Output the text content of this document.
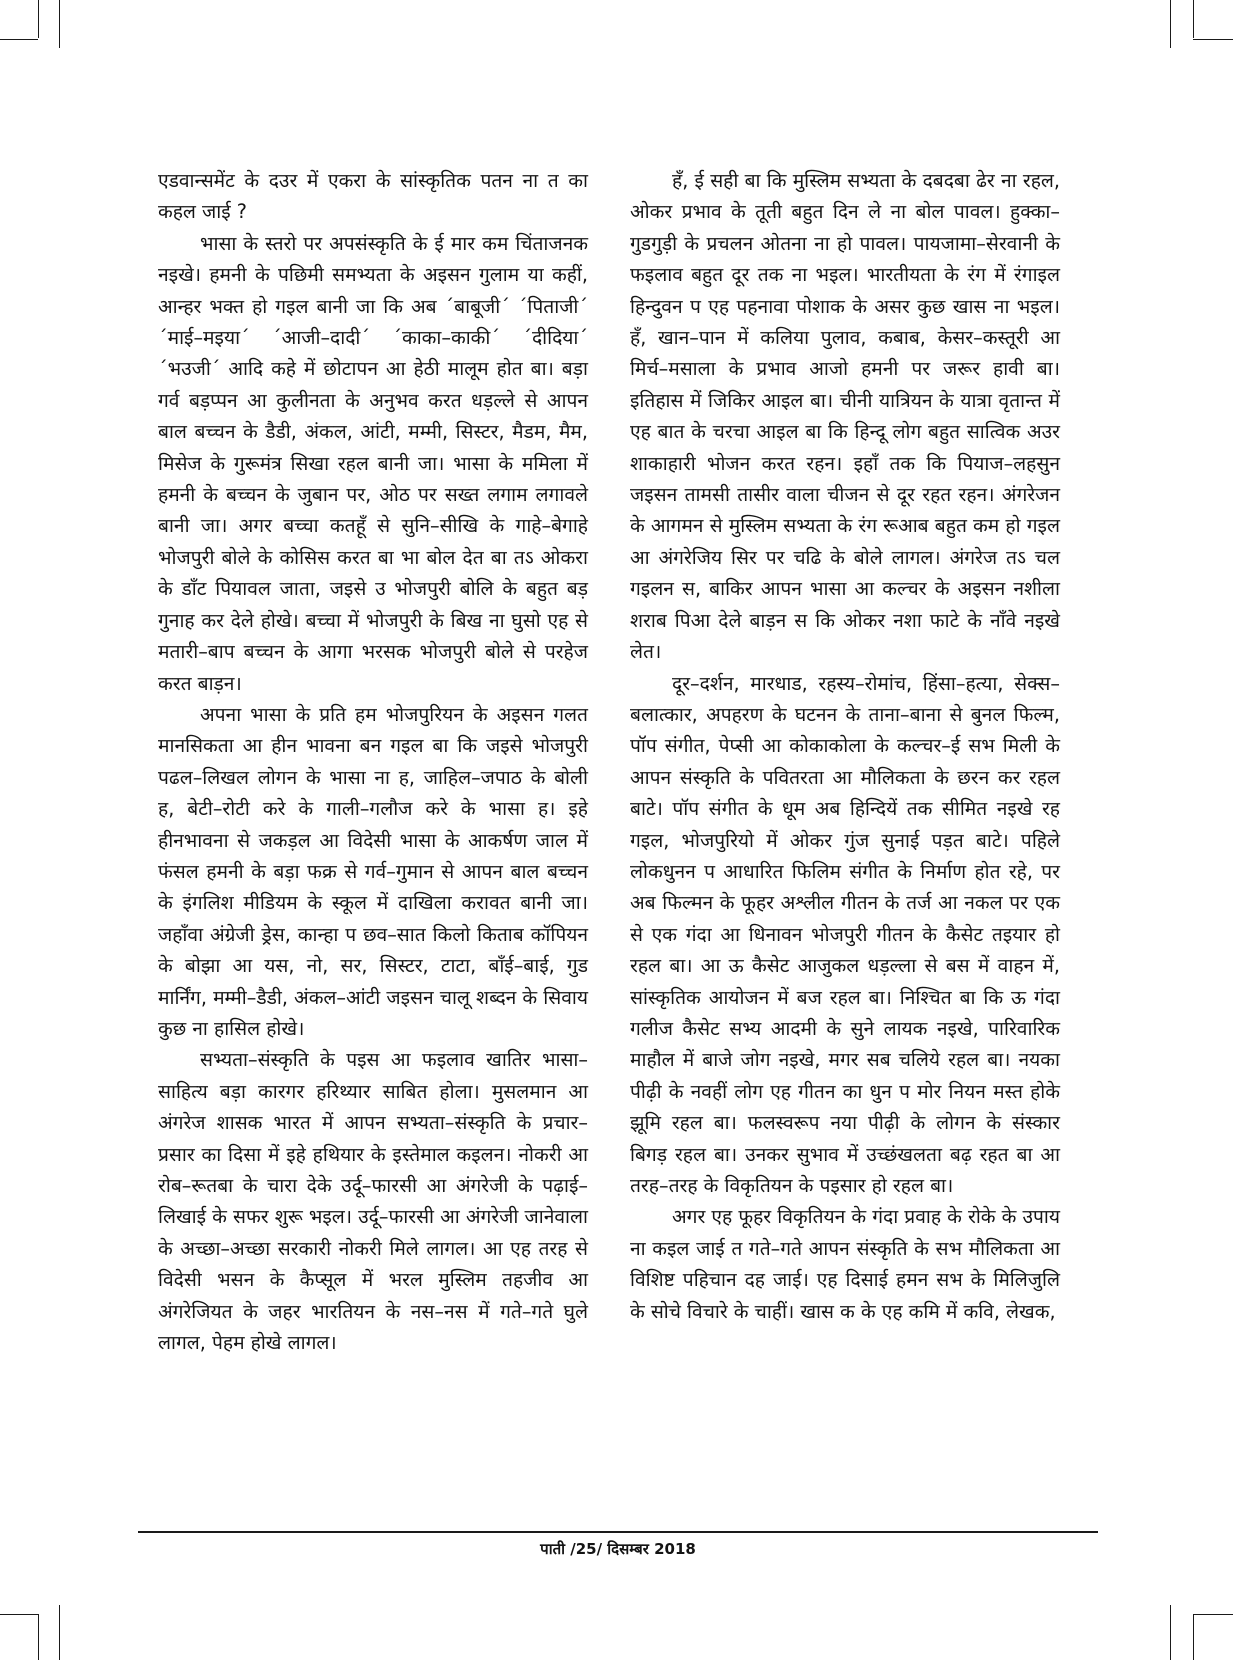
एडवान्समेंट के दउर में एकरा के सांस्कृतिक पतन ना त का कहल जाई ?

भासा के स्तरो पर अपसंस्कृति के ई मार कम चिंताजनक नइखे। हमनी के पछिमी समभ्यता के अइसन गुलाम या कहीं, आन्हर भक्त हो गइल बानी जा कि अब ´बाबूजी´ ´पिताजी´ ´माई–मइया´ ´आजी–दादी´ ´काका–काकी´ ´दीदिया´ ´भउजी´ आदि कहे में छोटापन आ हेठी मालूम होत बा। बड़ा गर्व बड़प्पन आ कुलीनता के अनुभव करत धड़ल्ले से आपन बाल बच्चन के डैडी, अंकल, आंटी, मम्मी, सिस्टर, मैडम, मैम, मिसेज के गुरूमंत्र सिखा रहल बानी जा। भासा के ममिला में हमनी के बच्चन के जुबान पर, ओठ पर सख्त लगाम लगावले बानी जा। अगर बच्चा कतहूँ से सुनि–सीखि के गाहे–बेगाहे भोजपुरी बोले के कोसिस करत बा भा बोल देत बा तऽ ओकरा के डाँट पियावल जाता, जइसे उ भोजपुरी बोलि के बहुत बड़ गुनाह कर देले होखे। बच्चा में भोजपुरी के बिख ना घुसो एह से मतारी–बाप बच्चन के आगा भरसक भोजपुरी बोले से परहेज करत बाड़न।

अपना भासा के प्रति हम भोजपुरियन के अइसन गलत मानसिकता आ हीन भावना बन गइल बा कि जइसे भोजपुरी पढल–लिखल लोगन के भासा ना ह, जाहिल–जपाठ के बोली ह, बेटी–रोटी करे के गाली–गलौज करे के भासा ह। इहे हीनभावना से जकड़ल आ विदेसी भासा के आकर्षण जाल में फंसल हमनी के बड़ा फक्र से गर्व–गुमान से आपन बाल बच्चन के इंगलिश मीडियम के स्कूल में दाखिला करावत बानी जा। जहाँवा अंग्रेजी ड्रेस, कान्हा प छव–सात किलो किताब कॉपियन के बोझा आ यस, नो, सर, सिस्टर, टाटा, बाँई–बाई, गुड मार्निंग, मम्मी–डैडी, अंकल–आंटी जइसन चालू शब्दन के सिवाय कुछ ना हासिल होखे।

सभ्यता–संस्कृति के पइस आ फइलाव खातिर भासा–साहित्य बड़ा कारगर हरिथ्यार साबित होला। मुसलमान आ अंगरेज शासक भारत में आपन सभ्यता–संस्कृति के प्रचार–प्रसार का दिसा में इहे हथियार के इस्तेमाल कइलन। नोकरी आ रोब–रूतबा के चारा देके उर्दू–फारसी आ अंगरेजी के पढ़ाई–लिखाई के सफर शुरू भइल। उर्दू–फारसी आ अंगरेजी जानेवाला के अच्छा–अच्छा सरकारी नोकरी मिले लागल। आ एह तरह से विदेसी भसन के कैप्सूल में भरल मुस्लिम तहजीव आ अंगरेजियत के जहर भारतियन के नस–नस में गते–गते घुले लागल, पेहम होखे लागल।

हँ, ई सही बा कि मुस्लिम सभ्यता के दबदबा ढेर ना रहल, ओकर प्रभाव के तूती बहुत दिन ले ना बोल पावल। हुक्का–गुडगुड़ी के प्रचलन ओतना ना हो पावल। पायजामा–सेरवानी के फइलाव बहुत दूर तक ना भइल। भारतीयता के रंग में रंगाइल हिन्दुवन प एह पहनावा पोशाक के असर कुछ खास ना भइल। हँ, खान–पान में कलिया पुलाव, कबाब, केसर–कस्तूरी आ मिर्च–मसाला के प्रभाव आजो हमनी पर जरूर हावी बा। इतिहास में जिकिर आइल बा। चीनी यात्रियन के यात्रा वृतान्त में एह बात के चरचा आइल बा कि हिन्दू लोग बहुत सात्विक अउर शाकाहारी भोजन करत रहन। इहाँ तक कि पियाज–लहसुन जइसन तामसी तासीर वाला चीजन से दूर रहत रहन। अंगरेजन के आगमन से मुस्लिम सभ्यता के रंग रूआब बहुत कम हो गइल आ अंगरेजिय सिर पर चढि के बोले लागल। अंगरेज तऽ चल गइलन स, बाकिर आपन भासा आ कल्चर के अइसन नशीला शराब पिआ देले बाड़न स कि ओकर नशा फाटे के नाँवे नइखे लेत।

दूर–दर्शन, मारधाड, रहस्य–रोमांच, हिंसा–हत्या, सेक्स–बलात्कार, अपहरण के घटनन के ताना–बाना से बुनल फिल्म, पॉप संगीत, पेप्सी आ कोकाकोला के कल्चर–ई सभ मिली के आपन संस्कृति के पवितरता आ मौलिकता के छरन कर रहल बाटे। पॉप संगीत के धूम अब हिन्दियें तक सीमित नइखे रह गइल, भोजपुरियो में ओकर गुंज सुनाई पड़त बाटे। पहिले लोकधुनन प आधारित फिलिम संगीत के निर्माण होत रहे, पर अब फिल्मन के फूहर अश्लील गीतन के तर्ज आ नकल पर एक से एक गंदा आ धिनावन भोजपुरी गीतन के कैसेट तइयार हो रहल बा। आ ऊ कैसेट आजुकल धड़ल्ला से बस में वाहन में, सांस्कृतिक आयोजन में बज रहल बा। निश्चित बा कि ऊ गंदा गलीज कैसेट सभ्य आदमी के सुने लायक नइखे, पारिवारिक माहौल में बाजे जोग नइखे, मगर सब चलिये रहल बा। नयका पीढ़ी के नवहीं लोग एह गीतन का धुन प मोर नियन मस्त होके झूमि रहल बा। फलस्वरूप नया पीढ़ी के लोगन के संस्कार बिगड़ रहल बा। उनकर सुभाव में उच्छंखलता बढ़ रहत बा आ तरह–तरह के विकृतियन के पइसार हो रहल बा।

अगर एह फूहर विकृतियन के गंदा प्रवाह के रोके के उपाय ना कइल जाई त गते–गते आपन संस्कृति के सभ मौलिकता आ विशिष्ट पहिचान दह जाई। एह दिसाई हमन सभ के मिलिजुलि के सोचे विचारे के चाहीं। खास क के एह कमि में कवि, लेखक,

पाती /25/ दिसम्बर 2018
